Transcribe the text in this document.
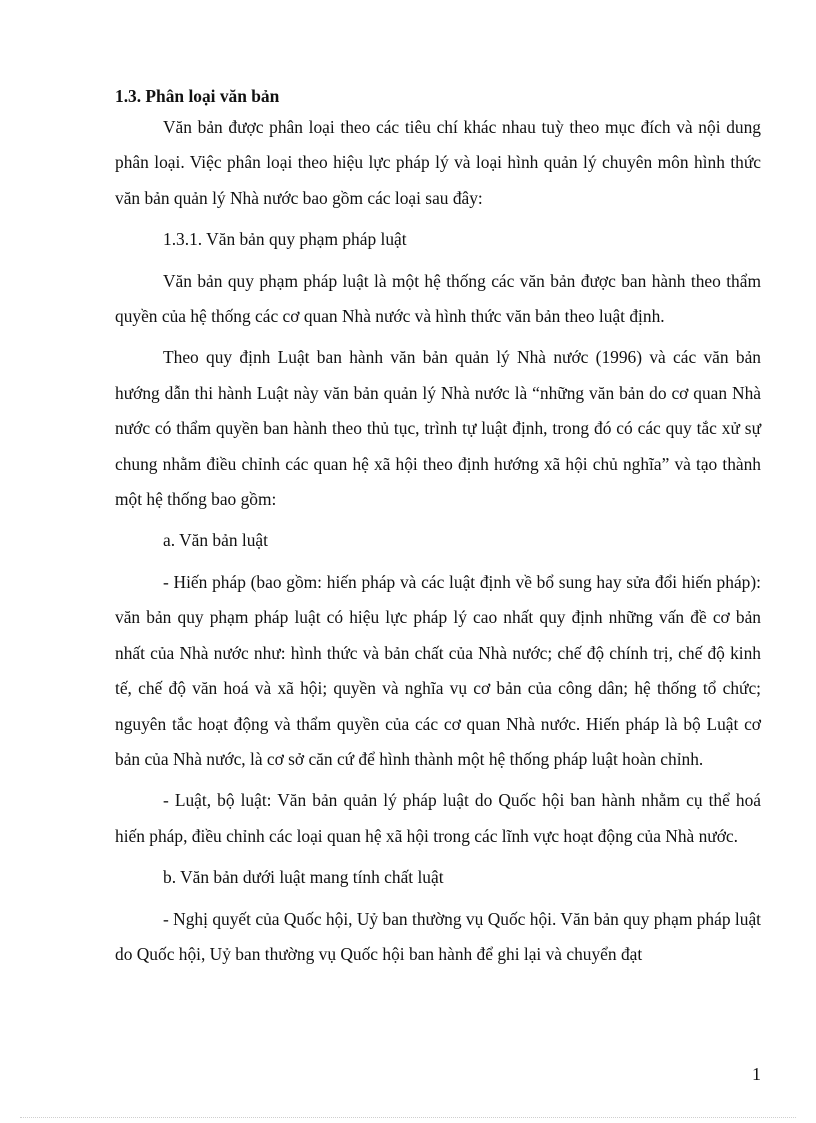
1.3. Phân loại văn bản

Văn bản được phân loại theo các tiêu chí khác nhau tuỳ theo mục đích và nội dung phân loại. Việc phân loại theo hiệu lực pháp lý và loại hình quản lý chuyên môn hình thức văn bản quản lý Nhà nước bao gồm các loại sau đây:

1.3.1. Văn bản quy phạm pháp luật

Văn bản quy phạm pháp luật là một hệ thống các văn bản được ban hành theo thẩm quyền của hệ thống các cơ quan Nhà nước và hình thức văn bản theo luật định.

Theo quy định Luật ban hành văn bản quản lý Nhà nước (1996) và các văn bản hướng dẫn thi hành Luật này văn bản quản lý Nhà nước là “những văn bản do cơ quan Nhà nước có thẩm quyền ban hành theo thủ tục, trình tự luật định, trong đó có các quy tắc xử sự chung nhằm điều chỉnh các quan hệ xã hội theo định hướng xã hội chủ nghĩa” và tạo thành một hệ thống bao gồm:

a. Văn bản luật

- Hiến pháp (bao gồm: hiến pháp và các luật định về bổ sung hay sửa đổi hiến pháp): văn bản quy phạm pháp luật có hiệu lực pháp lý cao nhất quy định những vấn đề cơ bản nhất của Nhà nước như: hình thức và bản chất của Nhà nước; chế độ chính trị, chế độ kinh tế, chế độ văn hoá và xã hội; quyền và nghĩa vụ cơ bản của công dân; hệ thống tổ chức; nguyên tắc hoạt động và thẩm quyền của các cơ quan Nhà nước. Hiến pháp là bộ Luật cơ bản của Nhà nước, là cơ sở căn cứ để hình thành một hệ thống pháp luật hoàn chỉnh.

- Luật, bộ luật: Văn bản quản lý pháp luật do Quốc hội ban hành nhằm cụ thể hoá hiến pháp, điều chỉnh các loại quan hệ xã hội trong các lĩnh vực hoạt động của Nhà nước.

b. Văn bản dưới luật mang tính chất luật

- Nghị quyết của Quốc hội, Uỷ ban thường vụ Quốc hội. Văn bản quy phạm pháp luật do Quốc hội, Uỷ ban thường vụ Quốc hội ban hành để ghi lại và chuyển đạt

1
